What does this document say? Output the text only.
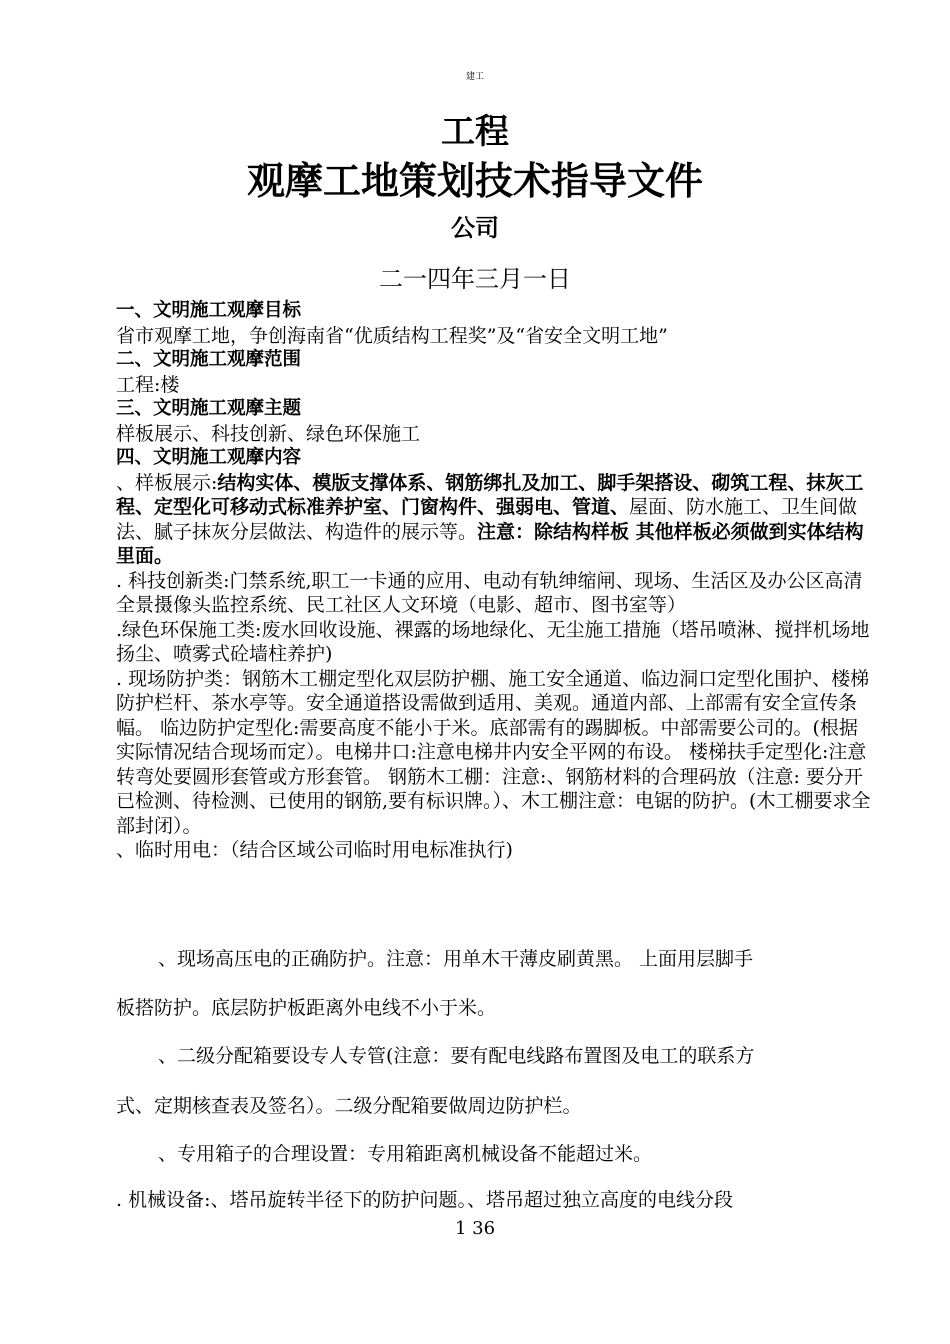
建工
工程
观摩工地策划技术指导文件
公司
二一四年三月一日

一、文明施工观摩目标

省市观摩工地，争创海南省“优质结构工程奖”及“省安全文明工地”

二、文明施工观摩范围

工程:楼

三、文明施工观摩主题

样板展示、科技创新、绿色环保施工

四、文明施工观摩内容

、样板展示:结构实体、模版支撑体系、钢筋绑扎及加工、脚手架搭设、砌筑工程、抹灰工程、定型化可移动式标准养护室、门窗构件、强弱电、管道、屋面、防水施工、卫生间做法、腻子抹灰分层做法、构造件的展示等。注意：除结构样板 其他样板必须做到实体结构里面。

. 科技创新类:门禁系统,职工一卡通的应用、电动有轨绅缩闸、现场、生活区及办公区高清全景摄像头监控系统、民工社区人文环境（电影、超市、图书室等）

.绿色环保施工类:废水回收设施、裸露的场地绿化、无尘施工措施（塔吊喷淋、搅拌机场地扬尘、喷雾式砼墙柱养护)

. 现场防护类：钢筋木工棚定型化双层防护棚、施工安全通道、临边洞口定型化围护、楼梯防护栏杆、茶水亭等。安全通道搭设需做到适用、美观。通道内部、上部需有安全宣传条幅。 临边防护定型化:需要高度不能小于米。底部需有的踢脚板。中部需要公司的。(根据实际情况结合现场而定）。电梯井口:注意电梯井内安全平网的布设。 楼梯扶手定型化:注意转弯处要圆形套管或方形套管。 钢筋木工棚：注意:、钢筋材料的合理码放（注意: 要分开已检测、待检测、已使用的钢筋,要有标识牌。）、木工棚注意：电锯的防护。(木工棚要求全部封闭）。

、临时用电：（结合区域公司临时用电标准执行)

、现场高压电的正确防护。注意：用单木干薄皮刷黄黑。 上面用层脚手

板搭防护。底层防护板距离外电线不小于米。

、二级分配箱要设专人专管(注意：要有配电线路布置图及电工的联系方

式、定期核查表及签名）。二级分配箱要做周边防护栏。

、专用箱子的合理设置：专用箱距离机械设备不能超过米。

. 机械设备:、塔吊旋转半径下的防护问题。、塔吊超过独立高度的电线分段

1 36
